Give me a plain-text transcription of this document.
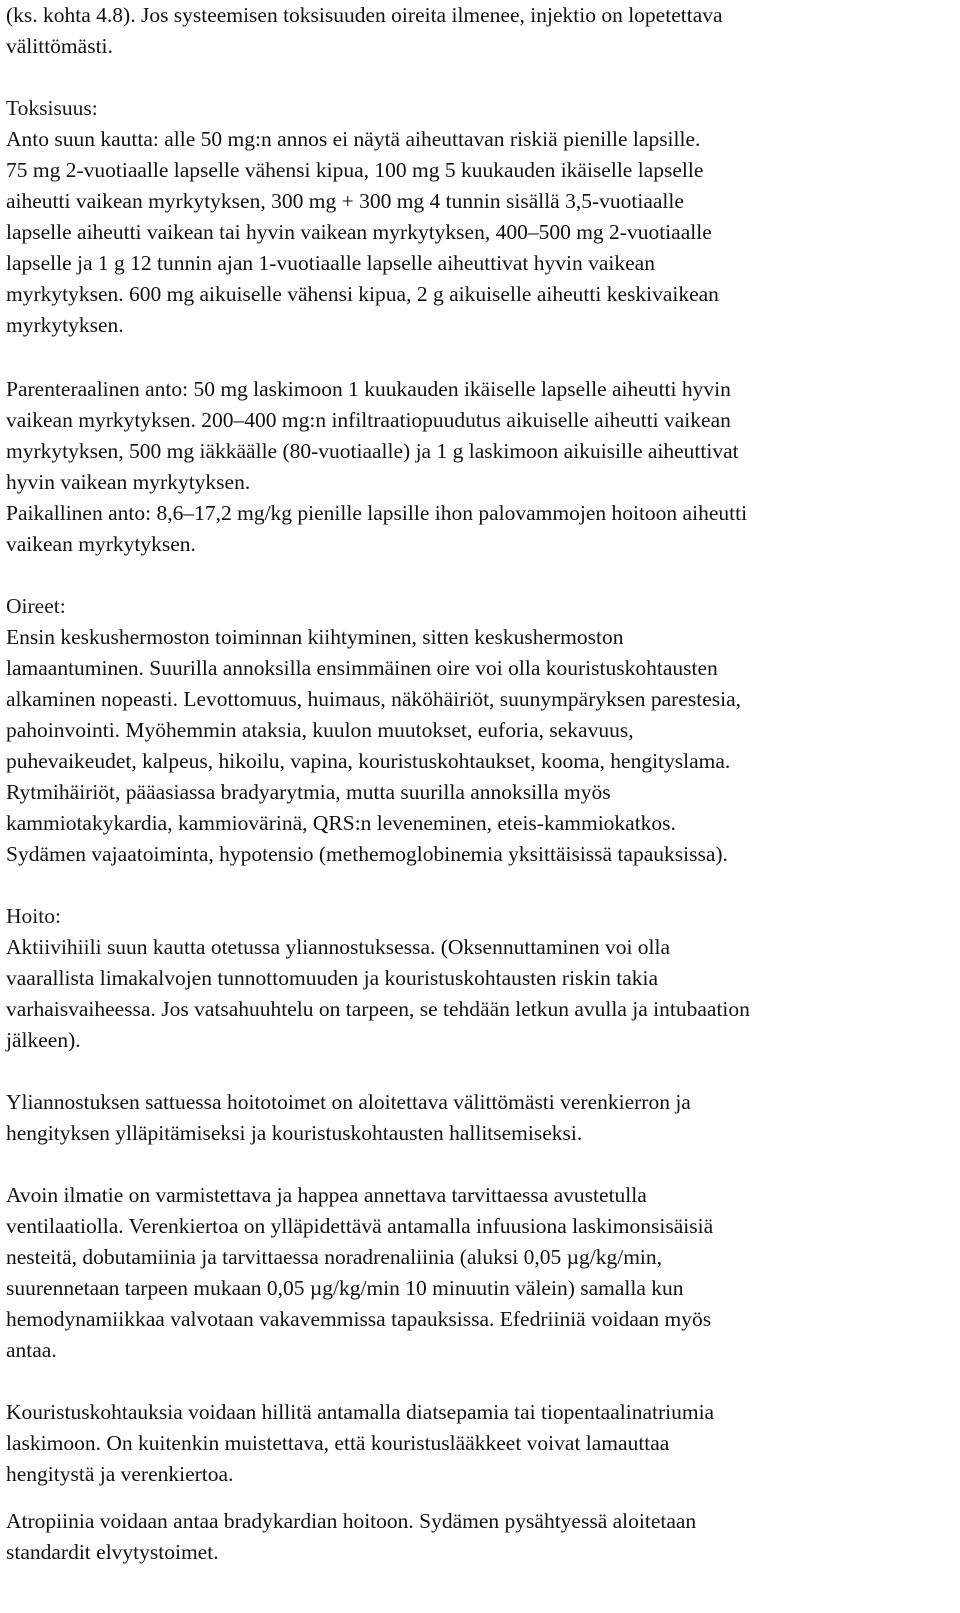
(ks. kohta 4.8). Jos systeemisen toksisuuden oireita ilmenee, injektio on lopetettava
välittömästi.
Toksisuus:
Anto suun kautta: alle 50 mg:n annos ei näytä aiheuttavan riskiä pienille lapsille.
75 mg 2-vuotiaalle lapselle vähensi kipua, 100 mg 5 kuukauden ikäiselle lapselle
aiheutti vaikean myrkytyksen, 300 mg + 300 mg 4 tunnin sisällä 3,5-vuotiaalle
lapselle aiheutti vaikean tai hyvin vaikean myrkytyksen, 400–500 mg 2-vuotiaalle
lapselle ja 1 g 12 tunnin ajan 1-vuotiaalle lapselle aiheuttivat hyvin vaikean
myrkytyksen. 600 mg aikuiselle vähensi kipua, 2 g aikuiselle aiheutti keskivaikean
myrkytyksen.
Parenteraalinen anto: 50 mg laskimoon 1 kuukauden ikäiselle lapselle aiheutti hyvin
vaikean myrkytyksen. 200–400 mg:n infiltraatiopuudutus aikuiselle aiheutti vaikean
myrkytyksen, 500 mg iäkkäälle (80-vuotiaalle) ja 1 g laskimoon aikuisille aiheuttivat
hyvin vaikean myrkytyksen.
Paikallinen anto: 8,6–17,2 mg/kg pienille lapsille ihon palovammojen hoitoon aiheutti
vaikean myrkytyksen.
Oireet:
Ensin keskushermoston toiminnan kiihtyminen, sitten keskushermoston
lamaantuminen. Suurilla annoksilla ensimmäinen oire voi olla kouristuskohtausten
alkaminen nopeasti. Levottomuus, huimaus, näköhäiriöt, suunympäryksen parestesia,
pahoinvointi. Myöhemmin ataksia, kuulon muutokset, euforia, sekavuus,
puhevaikeudet, kalpeus, hikoilu, vapina, kouristuskohtaukset, kooma, hengityslama.
Rytmihäiriöt, pääasiassa bradyarytmia, mutta suurilla annoksilla myös
kammiotakykardia, kammiovärinä, QRS:n leveneminen, eteis-kammiokatkos.
Sydämen vajaatoiminta, hypotensio (methemoglobinemia yksittäisissä tapauksissa).
Hoito:
Aktiivihiili suun kautta otetussa yliannostuksessa. (Oksennuttaminen voi olla
vaarallista limakalvojen tunnottomuuden ja kouristuskohtausten riskin takia
varhaisvaiheessa. Jos vatsahuuhtelu on tarpeen, se tehdään letkun avulla ja intubaation
jälkeen).
Yliannostuksen sattuessa hoitotoimet on aloitettava välittömästi verenkierron ja
hengityksen ylläpitämiseksi ja kouristuskohtausten hallitsemiseksi.
Avoin ilmatie on varmistettava ja happea annettava tarvittaessa avustetulla
ventilaatiolla. Verenkiertoa on ylläpidettävä antamalla infuusiona laskimonsisäisiä
nesteitä, dobutamiinia ja tarvittaessa noradrenaliinia (aluksi 0,05 µg/kg/min,
suurennetaan tarpeen mukaan 0,05 µg/kg/min 10 minuutin välein) samalla kun
hemodynamiikkaa valvotaan vakavemmissa tapauksissa. Efedriiniä voidaan myös
antaa.
Kouristuskohtauksia voidaan hillitä antamalla diatsepamia tai tiopentaalinatriumia
laskimoon. On kuitenkin muistettava, että kouristuslääkkeet voivat lamauttaa
hengitystä ja verenkiertoa.
Atropiinia voidaan antaa bradykardian hoitoon. Sydämen pysähtyessä aloitetaan
standardit elvytystoimet.
